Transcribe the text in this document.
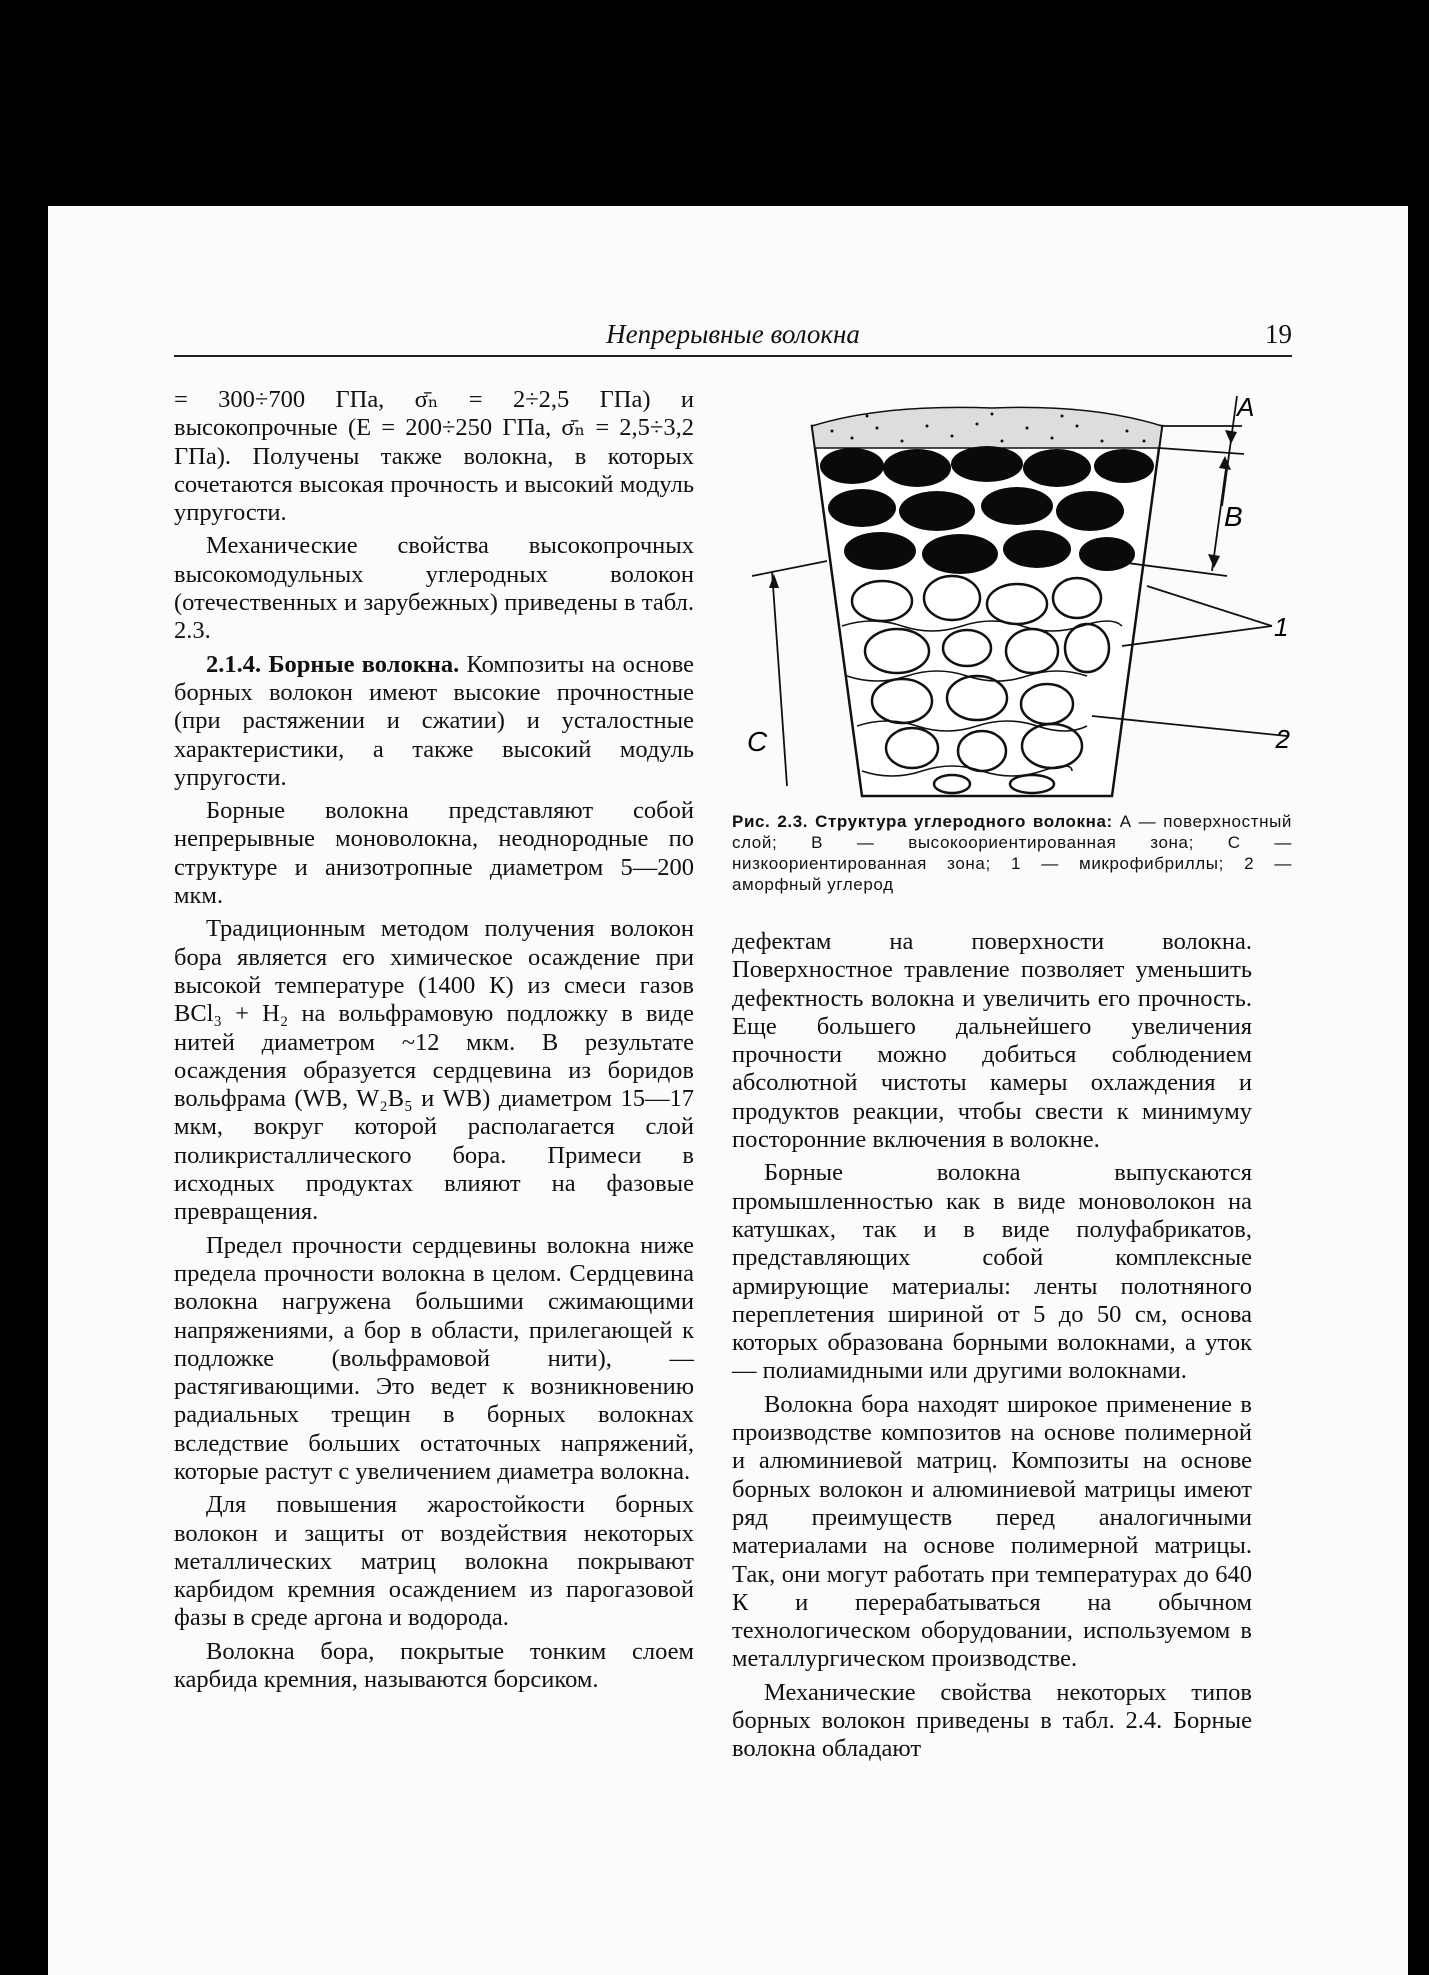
Непрерывные волокна	19

= 300÷700 ГПа, σ̄ₙ = 2÷2,5 ГПа) и высокопрочные (E = 200÷250 ГПа, σ̄ₙ = 2,5÷3,2 ГПа). Получены также волокна, в которых сочетаются высокая прочность и высокий модуль упругости.

Механические свойства высокопрочных высокомодульных углеродных волокон (отечественных и зарубежных) приведены в табл. 2.3.

2.1.4. Борные волокна. Композиты на основе борных волокон имеют высокие прочностные (при растяжении и сжатии) и усталостные характеристики, а также высокий модуль упругости.

Борные волокна представляют собой непрерывные моноволокна, неоднородные по структуре и анизотропные диаметром 5—200 мкм.

Традиционным методом получения волокон бора является его химическое осаждение при высокой температуре (1400 К) из смеси газов BCl₃ + H₂ на вольфрамовую подложку в виде нитей диаметром ~12 мкм. В результате осаждения образуется сердцевина из боридов вольфрама (WB, W₂B₅ и WB) диаметром 15—17 мкм, вокруг которой располагается слой поликристаллического бора. Примеси в исходных продуктах влияют на фазовые превращения.

Предел прочности сердцевины волокна ниже предела прочности волокна в целом. Сердцевина волокна нагружена большими сжимающими напряжениями, а бор в области, прилегающей к подложке (вольфрамовой нити), — растягивающими. Это ведет к возникновению радиальных трещин в борных волокнах вследствие больших остаточных напряжений, которые растут с увеличением диаметра волокна.

Для повышения жаростойкости борных волокон и защиты от воздействия некоторых металлических матриц волокна покрывают карбидом кремния осаждением из парогазовой фазы в среде аргона и водорода.

Волокна бора, покрытые тонким слоем карбида кремния, называются борсиком.

A
B
C
1
2
Рис. 2.3. Структура углеродного волокна: А — поверхностный слой; В — высокоориентированная зона; С — низкоориентированная зона; 1 — микрофибриллы; 2 — аморфный углерод

дефектам на поверхности волокна. Поверхностное травление позволяет уменьшить дефектность волокна и увеличить его прочность. Еще большего дальнейшего увеличения прочности можно добиться соблюдением абсолютной чистоты камеры охлаждения и продуктов реакции, чтобы свести к минимуму посторонние включения в волокне.

Борные волокна выпускаются промышленностью как в виде моноволокон на катушках, так и в виде полуфабрикатов, представляющих собой комплексные армирующие материалы: ленты полотняного переплетения шириной от 5 до 50 см, основа которых образована борными волокнами, а уток — полиамидными или другими волокнами.

Волокна бора находят широкое применение в производстве композитов на основе полимерной и алюминиевой матриц. Композиты на основе борных волокон и алюминиевой матрицы имеют ряд преимуществ перед аналогичными материалами на основе полимерной матрицы. Так, они могут работать при температурах до 640 К и перерабатываться на обычном технологическом оборудовании, используемом в металлургическом производстве.

Механические свойства некоторых типов борных волокон приведены в табл. 2.4. Борные волокна обладают
